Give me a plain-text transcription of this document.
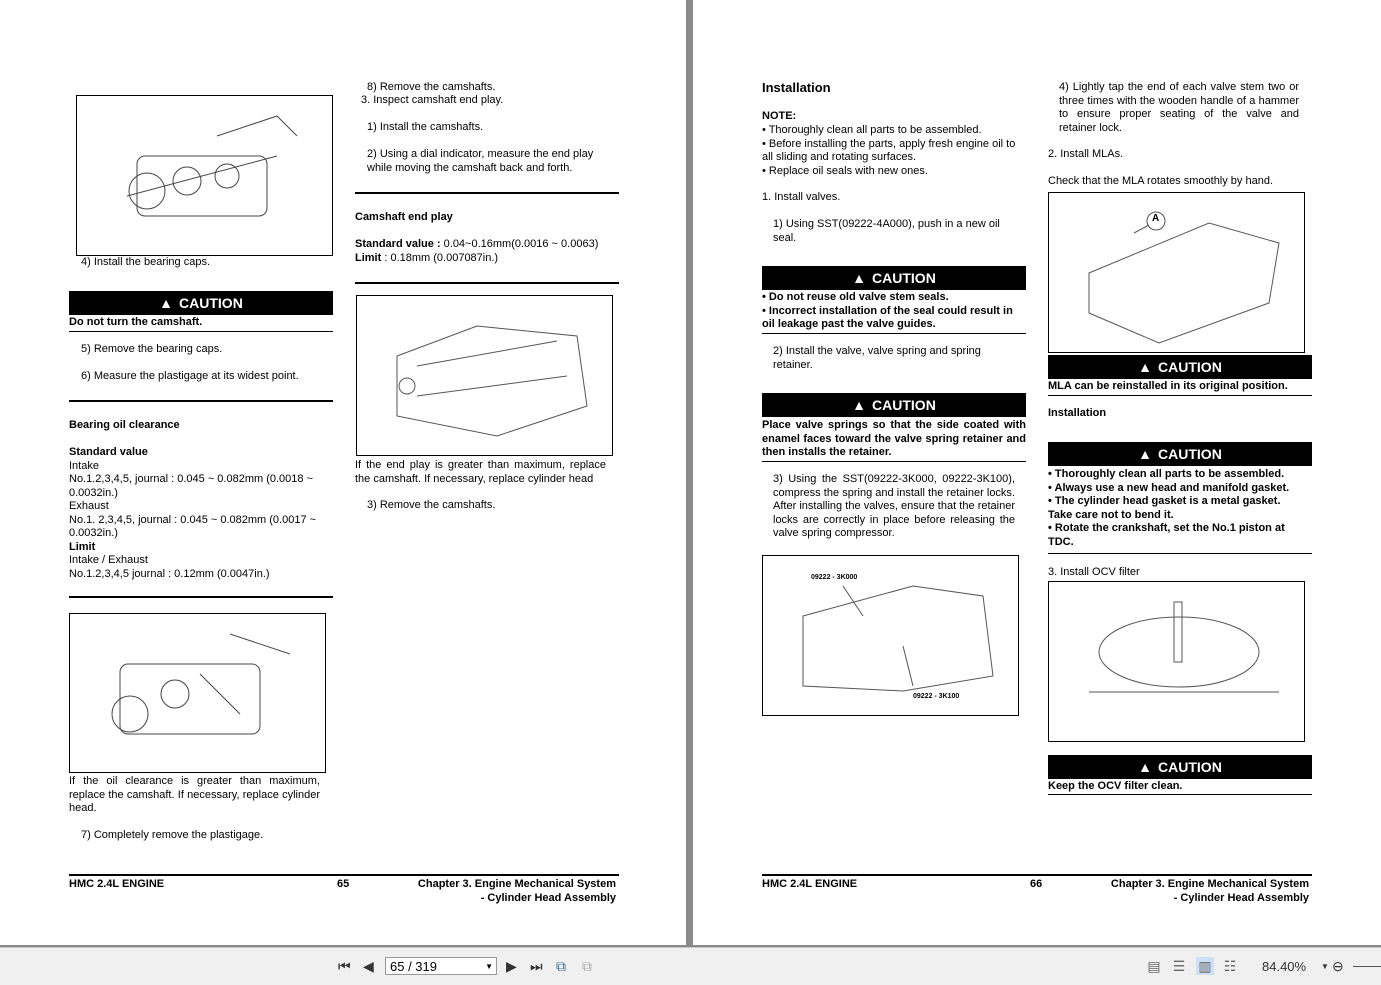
4) Install the bearing caps.
▲ CAUTION
Do not turn the camshaft.
5) Remove the bearing caps.
6) Measure the plastigage at its widest point.
Bearing oil clearance
Standard value
Intake
No.1.2,3,4,5, journal : 0.045 ~ 0.082mm (0.0018 ~ 0.0032in.)
Exhaust
No.1. 2,3,4,5, journal : 0.045 ~ 0.082mm (0.0017 ~ 0.0032in.)
Limit
Intake / Exhaust
No.1.2,3,4,5 journal : 0.12mm (0.0047in.)
If the oil clearance is greater than maximum, replace the camshaft. If necessary, replace cylinder head.
7) Completely remove the plastigage.
8) Remove the camshafts.
3. Inspect camshaft end play.
1) Install the camshafts.
2) Using a dial indicator, measure the end play while moving the camshaft back and forth.
Camshaft end play
Standard value : 0.04~0.16mm(0.0016 ~ 0.0063)
Limit : 0.18mm (0.007087in.)
If the end play is greater than maximum, replace the camshaft. If necessary, replace cylinder head
3) Remove the camshafts.
HMC 2.4L ENGINE	65	Chapter 3. Engine Mechanical System
- Cylinder Head Assembly
Installation
NOTE:
• Thoroughly clean all parts to be assembled.
• Before installing the parts, apply fresh engine oil to all sliding and rotating surfaces.
• Replace oil seals with new ones.
1. Install valves.
1) Using SST(09222-4A000), push in a new oil seal.
▲ CAUTION
• Do not reuse old valve stem seals.
• Incorrect installation of the seal could result in oil leakage past the valve guides.
2) Install the valve, valve spring and spring retainer.
▲ CAUTION
Place valve springs so that the side coated with enamel faces toward the valve spring retainer and then installs the retainer.
3) Using the SST(09222-3K000, 09222-3K100), compress the spring and install the retainer locks. After installing the valves, ensure that the retainer locks are correctly in place before releasing the valve spring compressor.
09222 - 3K000
09222 - 3K100
4) Lightly tap the end of each valve stem two or three times with the wooden handle of a hammer to ensure proper seating of the valve and retainer lock.
2. Install MLAs.
Check that the MLA rotates smoothly by hand.
A
▲ CAUTION
MLA can be reinstalled in its original position.
Installation
▲ CAUTION
• Thoroughly clean all parts to be assembled.
• Always use a new head and manifold gasket.
• The cylinder head gasket is a metal gasket. Take care not to bend it.
• Rotate the crankshaft, set the No.1 piston at TDC.
3. Install OCV filter
▲ CAUTION
Keep the OCV filter clean.
HMC 2.4L ENGINE	66	Chapter 3. Engine Mechanical System
- Cylinder Head Assembly
⏮ ◀	65 / 319	▼ ▶ ⏭ ⧉ ⧉	▤ ☰ ▥ ☷ 84.40% ▼ ⊖
